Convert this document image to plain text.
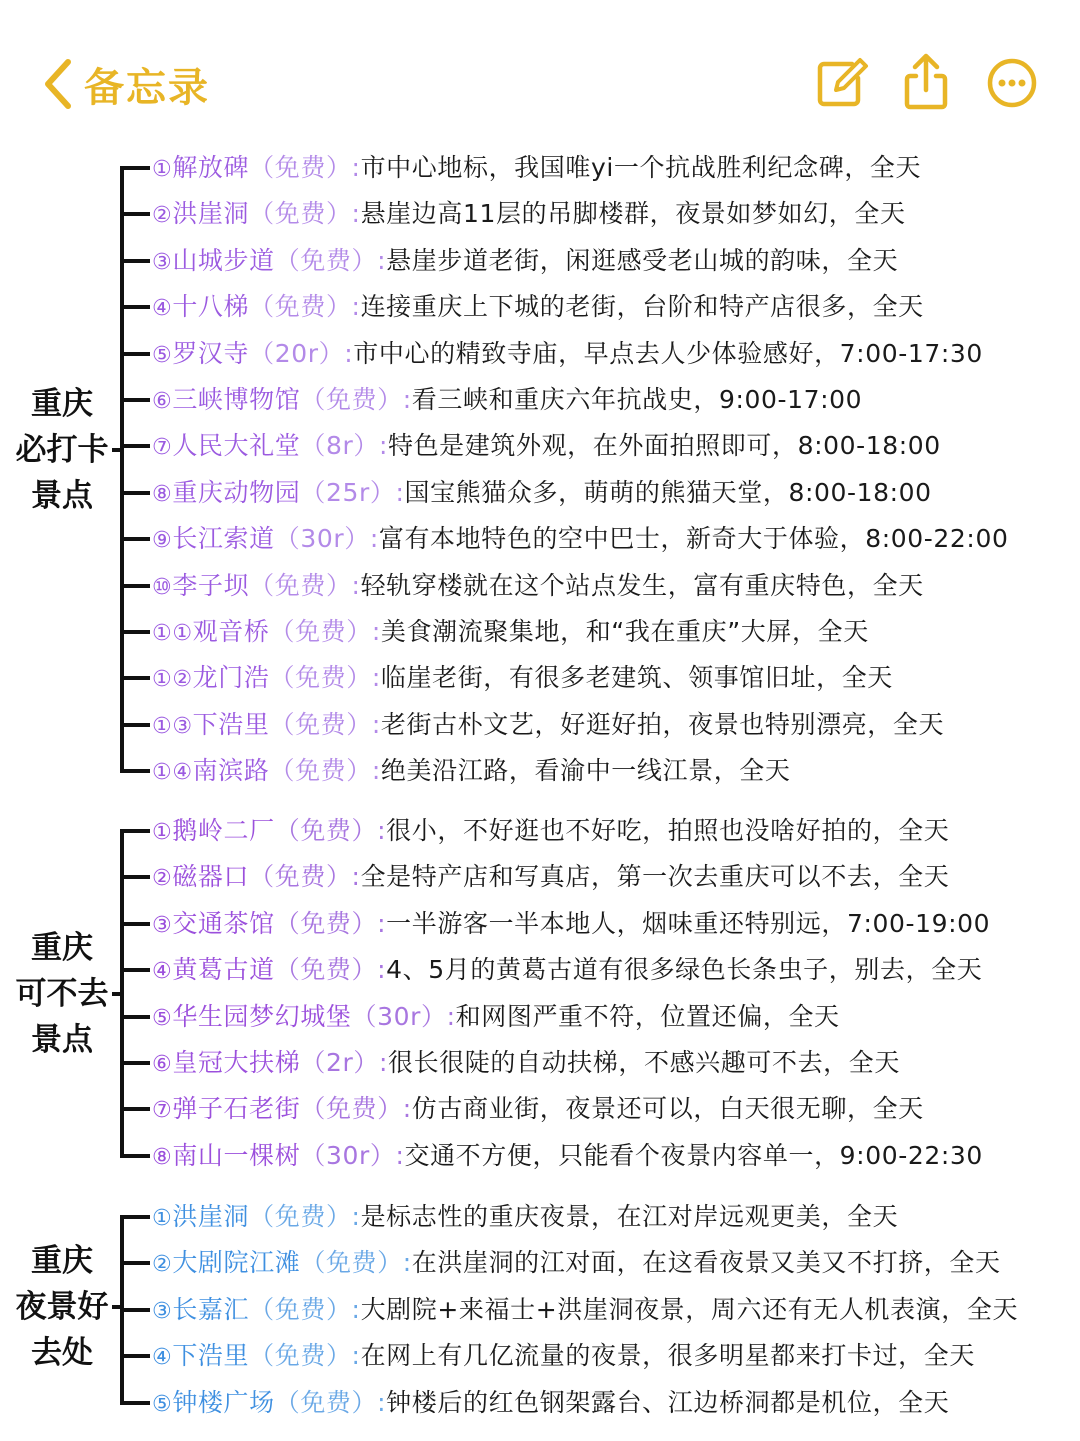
备忘录
重庆
必打卡
景点
①解放碑（免费）:市中心地标，我国唯yi一个抗战胜利纪念碑，全天
②洪崖洞（免费）:悬崖边高11层的吊脚楼群，夜景如梦如幻，全天
③山城步道（免费）:悬崖步道老街，闲逛感受老山城的韵味，全天
④十八梯（免费）:连接重庆上下城的老街，台阶和特产店很多，全天
⑤罗汉寺（20r）:市中心的精致寺庙，早点去人少体验感好，7:00-17:30
⑥三峡博物馆（免费）:看三峡和重庆六年抗战史，9:00-17:00
⑦人民大礼堂（8r）:特色是建筑外观，在外面拍照即可，8:00-18:00
⑧重庆动物园（25r）:国宝熊猫众多，萌萌的熊猫天堂，8:00-18:00
⑨长江索道（30r）:富有本地特色的空中巴士，新奇大于体验，8:00-22:00
⑩李子坝（免费）:轻轨穿楼就在这个站点发生，富有重庆特色，全天
①①观音桥（免费）:美食潮流聚集地，和“我在重庆”大屏，全天
①②龙门浩（免费）:临崖老街，有很多老建筑、领事馆旧址，全天
①③下浩里（免费）:老街古朴文艺，好逛好拍，夜景也特别漂亮，全天
①④南滨路（免费）:绝美沿江路，看渝中一线江景，全天
重庆
可不去
景点
①鹅岭二厂（免费）:很小，不好逛也不好吃，拍照也没啥好拍的，全天
②磁器口（免费）:全是特产店和写真店，第一次去重庆可以不去，全天
③交通茶馆（免费）:一半游客一半本地人，烟味重还特别远，7:00-19:00
④黄葛古道（免费）:4、5月的黄葛古道有很多绿色长条虫子，别去，全天
⑤华生园梦幻城堡（30r）:和网图严重不符，位置还偏，全天
⑥皇冠大扶梯（2r）:很长很陡的自动扶梯，不感兴趣可不去，全天
⑦弹子石老街（免费）:仿古商业街，夜景还可以，白天很无聊，全天
⑧南山一棵树（30r）:交通不方便，只能看个夜景内容单一，9:00-22:30
重庆
夜景好
去处
①洪崖洞（免费）:是标志性的重庆夜景，在江对岸远观更美，全天
②大剧院江滩（免费）:在洪崖洞的江对面，在这看夜景又美又不打挤，全天
③长嘉汇（免费）:大剧院+来福士+洪崖洞夜景，周六还有无人机表演，全天
④下浩里（免费）:在网上有几亿流量的夜景，很多明星都来打卡过，全天
⑤钟楼广场（免费）:钟楼后的红色钢架露台、江边桥洞都是机位，全天
